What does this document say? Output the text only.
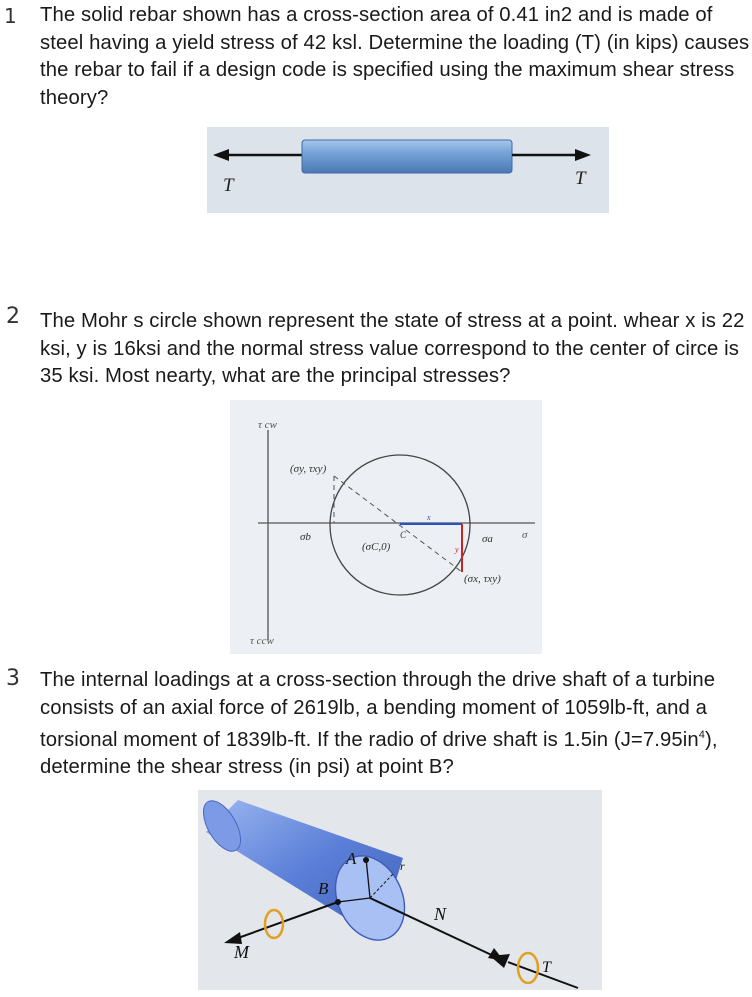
1 The solid rebar shown has a cross-section area of 0.41 in2 and is made of steel having a yield stress of 42 ksl. Determine the loading (T) (in kips) causes the rebar to fail if a design code is specified using the maximum shear stress theory?

T	T
2 The Mohr s circle shown represent the state of stress at a point. whear x is 22 ksi, y is 16ksi and the normal stress value correspond to the center of circe is 35 ksi. Most nearty, what are the principal stresses?

τ cw
τ ccw
σ
(σy, τxy)
σb
(σC,0)
C	σa
(σx, τxy)
x
y
3 The internal loadings at a cross-section through the drive shaft of a turbine consists of an axial force of 2619lb, a bending moment of 1059lb-ft, and a torsional moment of 1839lb-ft. If the radio of drive shaft is 1.5in $(J=7.95in^4)$, determine the shear stress (in psi) at point B?

A
B
r
N
M
T
